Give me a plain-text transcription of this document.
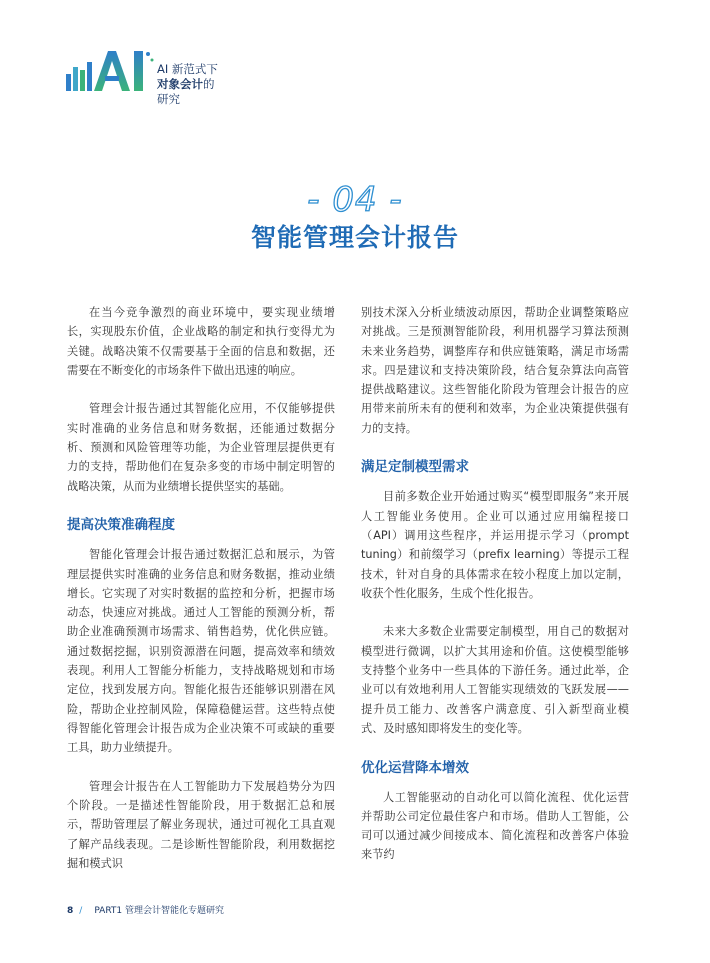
AI 新范式下
对象会计的研究
- 04 -
智能管理会计报告

在当今竞争激烈的商业环境中，要实现业绩增长，实现股东价值，企业战略的制定和执行变得尤为关键。战略决策不仅需要基于全面的信息和数据，还需要在不断变化的市场条件下做出迅速的响应。

管理会计报告通过其智能化应用，不仅能够提供实时准确的业务信息和财务数据，还能通过数据分析、预测和风险管理等功能，为企业管理层提供更有力的支持，帮助他们在复杂多变的市场中制定明智的战略决策，从而为业绩增长提供坚实的基础。

提高决策准确程度

智能化管理会计报告通过数据汇总和展示，为管理层提供实时准确的业务信息和财务数据，推动业绩增长。它实现了对实时数据的监控和分析，把握市场动态，快速应对挑战。通过人工智能的预测分析，帮助企业准确预测市场需求、销售趋势，优化供应链。通过数据挖掘，识别资源潜在问题，提高效率和绩效表现。利用人工智能分析能力，支持战略规划和市场定位，找到发展方向。智能化报告还能够识别潜在风险，帮助企业控制风险，保障稳健运营。这些特点使得智能化管理会计报告成为企业决策不可或缺的重要工具，助力业绩提升。

管理会计报告在人工智能助力下发展趋势分为四个阶段。一是描述性智能阶段，用于数据汇总和展示，帮助管理层了解业务现状，通过可视化工具直观了解产品线表现。二是诊断性智能阶段，利用数据挖掘和模式识

别技术深入分析业绩波动原因，帮助企业调整策略应对挑战。三是预测智能阶段，利用机器学习算法预测未来业务趋势，调整库存和供应链策略，满足市场需求。四是建议和支持决策阶段，结合复杂算法向高管提供战略建议。这些智能化阶段为管理会计报告的应用带来前所未有的便利和效率，为企业决策提供强有力的支持。

满足定制模型需求

目前多数企业开始通过购买“模型即服务”来开展人工智能业务使用。企业可以通过应用编程接口（API）调用这些程序，并运用提示学习（prompt tuning）和前缀学习（prefix learning）等提示工程技术，针对自身的具体需求在较小程度上加以定制，收获个性化服务，生成个性化报告。

未来大多数企业需要定制模型，用自己的数据对模型进行微调，以扩大其用途和价值。这使模型能够支持整个业务中一些具体的下游任务。通过此举，企业可以有效地利用人工智能实现绩效的飞跃发展——提升员工能力、改善客户满意度、引入新型商业模式、及时感知即将发生的变化等。

优化运营降本增效

人工智能驱动的自动化可以简化流程、优化运营并帮助公司定位最佳客户和市场。借助人工智能，公司可以通过减少间接成本、简化流程和改善客户体验来节约

8 / PART1 管理会计智能化专题研究
